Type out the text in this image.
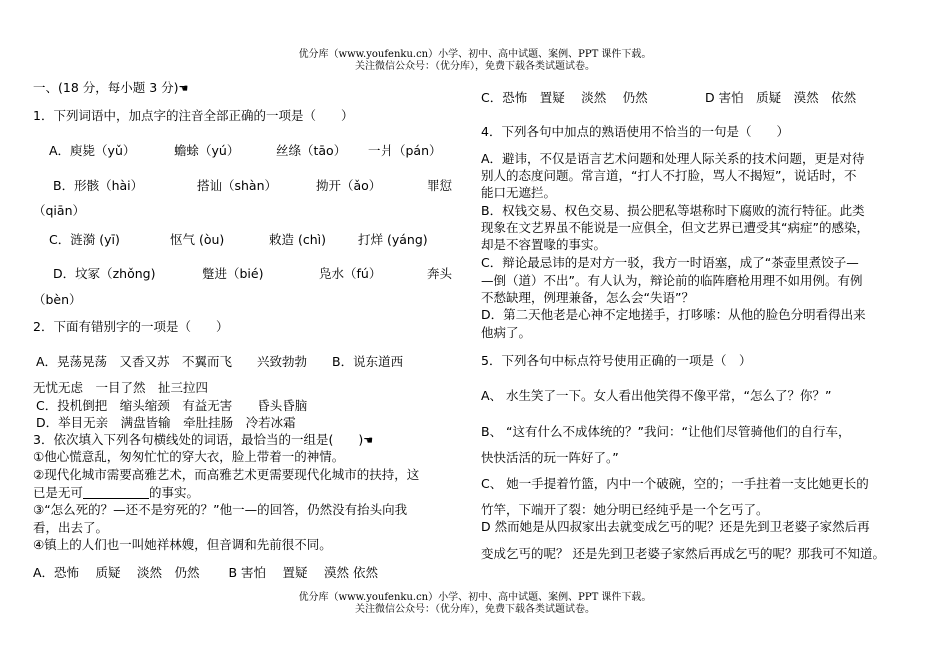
优分库（www.youfenku.cn）小学、初中、高中试题、案例、PPT 课件下载。
关注微信公众号：（优分库），免费下载各类试题试卷。
一、(18 分，每小题 3 分)☚
1．下列词语中，加点字的注音全部正确的一项是（　　）
A．庾毙（yǔ）	蟾蜍（yú）	丝绦（tāo） 一爿（pán）
B．形骸（hài）	搭讪（shàn）	拗开（ǎo）	罪愆
（qiān）
C．涟漪 (yī)	怄气 (òu)	敕造 (chì)	打烊 (yáng)
D．坟冢（zhǒng)	蹩进（bié)	凫水（fú）	奔头
（bèn）
2．下面有错别字的一项是（　　）
A．晃荡晃荡　又香又苏　不翼而飞　　兴致勃勃　　B．说东道西
无忧无虑　一目了然　扯三拉四
C．投机倒把　缩头缩颈　有益无害　　昏头昏脑
D．举目无亲　满盘皆输　牵肚挂肠　冷若冰霜
3．依次填入下列各句横线处的词语，最恰当的一组是(　　)☚
①他心慌意乱，匆匆忙忙的穿大衣，脸上带着一的神情。
②现代化城市需要高雅艺术，而高雅艺术更需要现代化城市的扶持，这
已是无可	的事实。
③“怎么死的？—还不是穷死的？”他一—的回答，仍然没有抬头向我
看，出去了。
④镇上的人们也一叫她祥林嫂，但音调和先前很不同。
A．恐怖　 质疑　 淡然　仍然　　 B 害怕　 置疑　 漠然 依然
C．恐怖　置疑　 淡然　 仍然	D 害怕　质疑　漠然　依然
4．下列各句中加点的熟语使用不恰当的一句是（　　）
A．避讳，不仅是语言艺术问题和处理人际关系的技术问题，更是对待
别人的态度问题。常言道，“打人不打脸，骂人不揭短”，说话时，不
能口无遮拦。
B．权钱交易、权色交易、损公肥私等堪称时下腐败的流行特征。此类
现象在文艺界虽不能说是一应俱全，但文艺界已遭受其“病症”的感染，
却是不容置喙的事实。
C．辩论最忌讳的是对方一驳，我方一时语塞，成了“茶壶里煮饺子—
—倒（道）不出”。有人认为，辩论前的临阵磨枪用理不如用例。有例
不愁缺理，例理兼备，怎么会“失语”？
D．第二天他老是心神不定地搓手，打哆嗦：从他的脸色分明看得出来
他病了。
5．下列各句中标点符号使用正确的一项是（　）
A、 水生笑了一下。女人看出他笑得不像平常，“怎么了？你？”
B、 “这有什么不成体统的？”我问：“让他们尽管骑他们的自行车，
快快活活的玩一阵好了。”
C、 她一手提着竹篮，内中一个破碗，空的；一手拄着一支比她更长的
竹竿，下端开了裂：她分明已经纯乎是一个乞丐了。
D 然而她是从四叔家出去就变成乞丐的呢？还是先到卫老婆子家然后再
变成乞丐的呢？ 还是先到卫老婆子家然后再成乞丐的呢？那我可不知道。
优分库（www.youfenku.cn）小学、初中、高中试题、案例、PPT 课件下载。
关注微信公众号：（优分库），免费下载各类试题试卷。
